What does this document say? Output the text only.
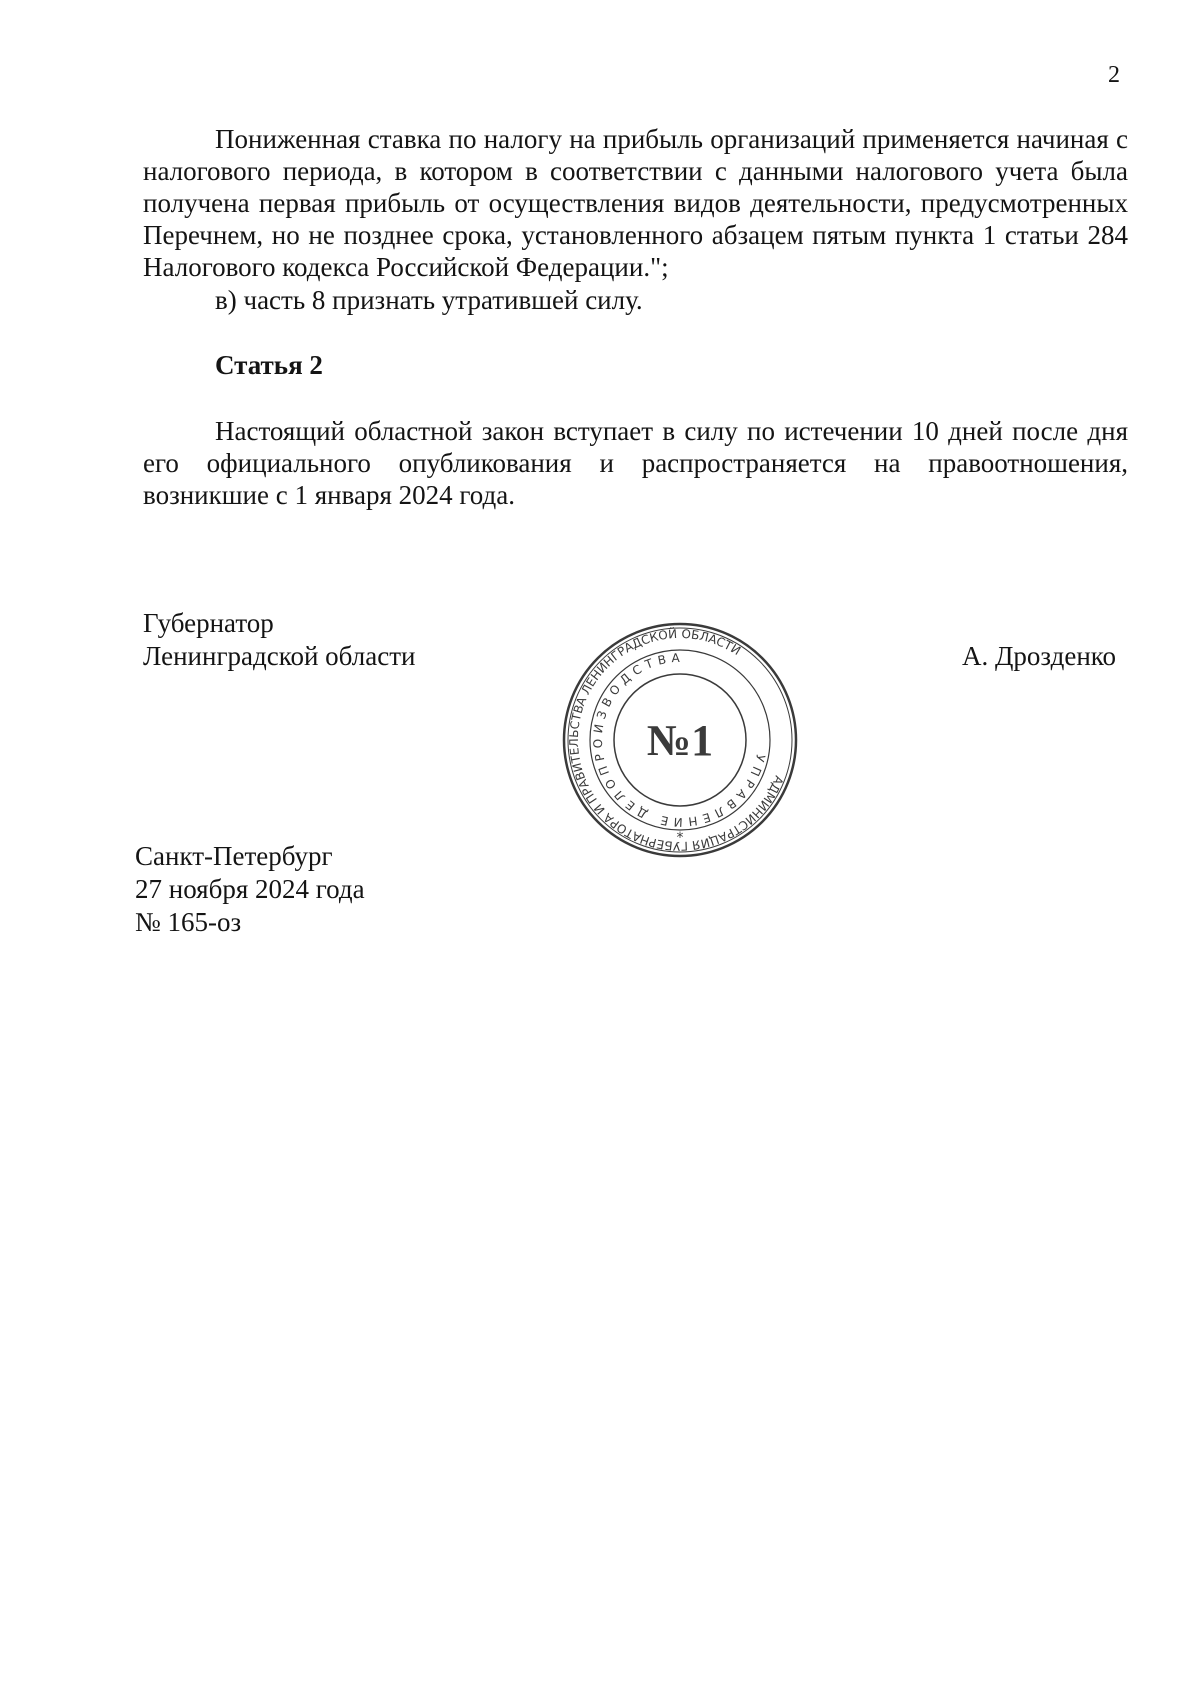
2

Пониженная ставка по налогу на прибыль организаций применяется начиная с налогового периода, в котором в соответствии с данными налогового учета была получена первая прибыль от осуществления видов деятельности, предусмотренных Перечнем, но не позднее срока, установленного абзацем пятым пункта 1 статьи 284 Налогового кодекса Российской Федерации.";

в) часть 8 признать утратившей силу.

Статья 2

Настоящий областной закон вступает в силу по истечении 10 дней после дня его официального опубликования и распространяется на правоотношения, возникшие с 1 января 2024 года.

Губернатор
Ленинградской области
АДМИНИСТРАЦИЯ ГУБЕРНАТОРА И ПРАВИТЕЛЬСТВА ЛЕНИНГРАДСКОЙ ОБЛАСТИ
УПРАВЛЕНИЕ ДЕЛОПРОИЗВОДСТВА
№1
*
А. Дрозденко
Санкт-Петербург
27 ноября 2024 года
№ 165-оз
